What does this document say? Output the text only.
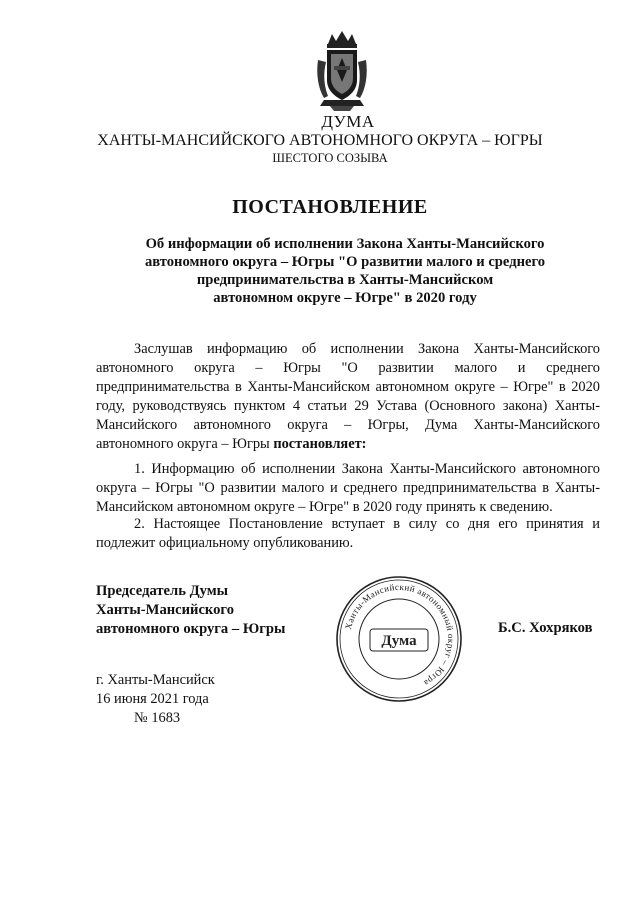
ДУМА

ХАНТЫ-МАНСИЙСКОГО АВТОНОМНОГО ОКРУГА – ЮГРЫ

ШЕСТОГО СОЗЫВА

ПОСТАНОВЛЕНИЕ
Об информации об исполнении Закона Ханты-Мансийского
автономного округа – Югры "О развитии малого и среднего
предпринимательства в Ханты-Мансийском
автономном округе – Югре" в 2020 году

Заслушав информацию об исполнении Закона Ханты-Мансийского автономного округа – Югры "О развитии малого и среднего предпринимательства в Ханты-Мансийском автономном округе – Югре" в 2020 году, руководствуясь пунктом 4 статьи 29 Устава (Основного закона) Ханты-Мансийского автономного округа – Югры, Дума Ханты-Мансийского автономного округа – Югры постановляет:

1. Информацию об исполнении Закона Ханты-Мансийского автономного округа – Югры "О развитии малого и среднего предпринимательства в Ханты-Мансийском автономном округе – Югре" в 2020 году принять к сведению.

2. Настоящее Постановление вступает в силу со дня его принятия и подлежит официальному опубликованию.

Председатель Думы
Ханты-Мансийского
автономного округа – Югры	Ханты-Мансийский автономный округ – Югра
Дума

Б.С. Хохряков

г. Ханты-Мансийск
16 июня 2021 года
№ 1683
